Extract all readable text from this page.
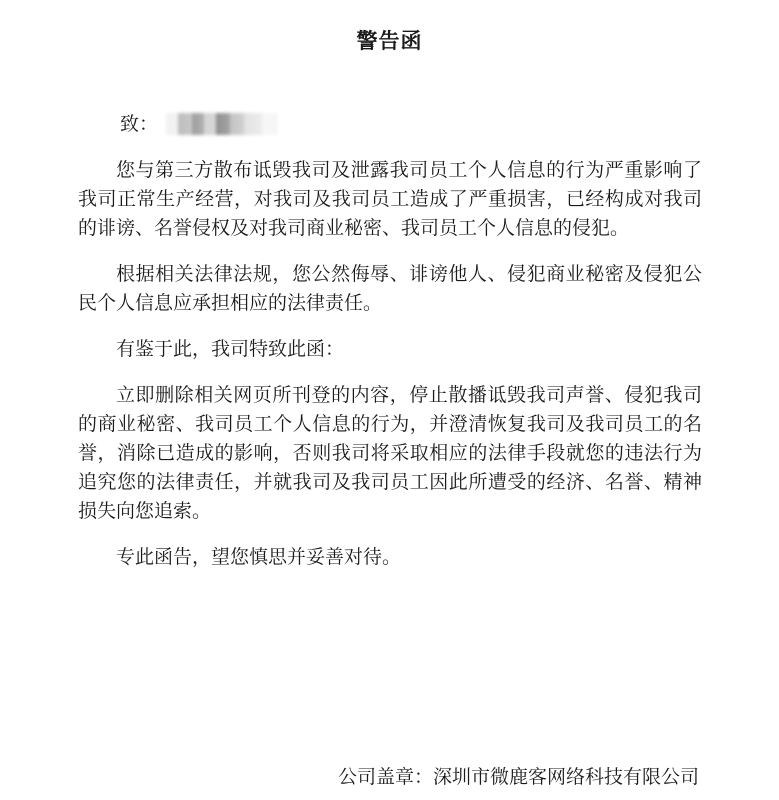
警告函
致：

您与第三方散布诋毁我司及泄露我司员工个人信息的行为严重影响了我司正常生产经营，对我司及我司员工造成了严重损害，已经构成对我司的诽谤、名誉侵权及对我司商业秘密、我司员工个人信息的侵犯。

根据相关法律法规，您公然侮辱、诽谤他人、侵犯商业秘密及侵犯公民个人信息应承担相应的法律责任。

有鉴于此，我司特致此函：

立即删除相关网页所刊登的内容，停止散播诋毁我司声誉、侵犯我司的商业秘密、我司员工个人信息的行为，并澄清恢复我司及我司员工的名誉，消除已造成的影响，否则我司将采取相应的法律手段就您的违法行为追究您的法律责任，并就我司及我司员工因此所遭受的经济、名誉、精神损失向您追索。

专此函告，望您慎思并妥善对待。

公司盖章：深圳市微鹿客网络科技有限公司
